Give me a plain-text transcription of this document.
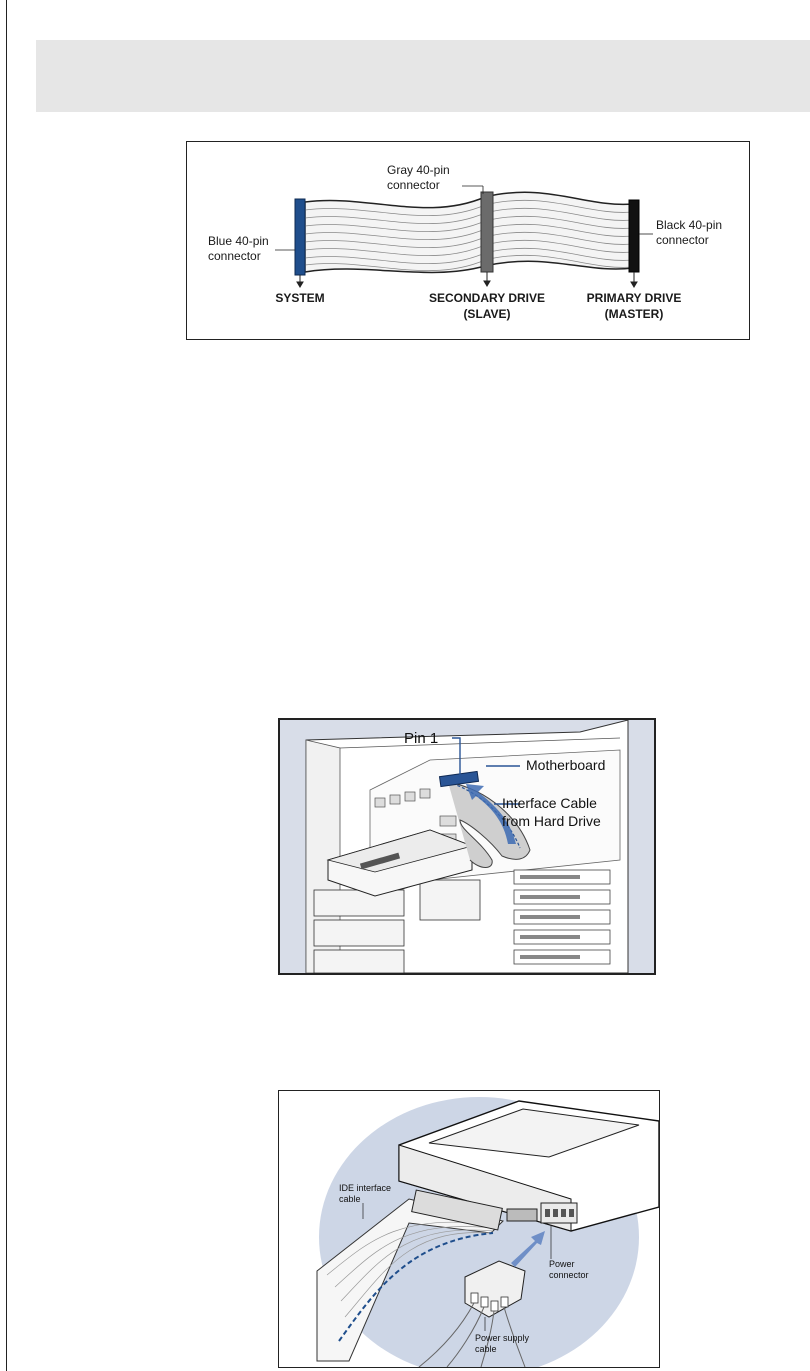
Gray 40-pin
connector
Blue 40-pin
connector
Black 40-pin
connector
SYSTEM	SECONDARY DRIVE
(SLAVE)
PRIMARY DRIVE
(MASTER)
Pin 1
Motherboard
Interface Cable
from Hard Drive
IDE interface
cable
Power
connector
Power supply
cable
